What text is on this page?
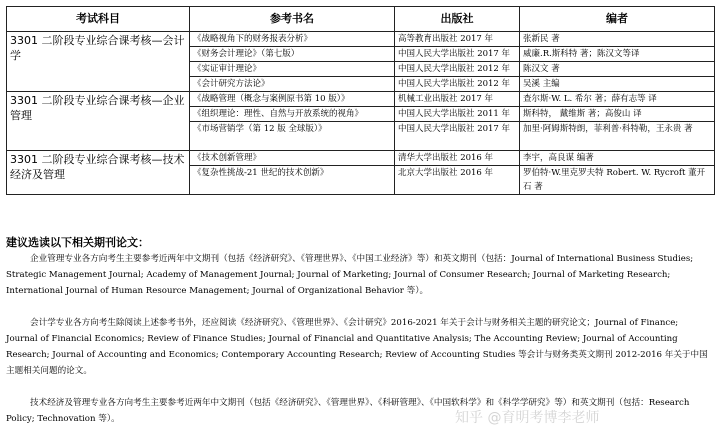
考试科目	参考书名	出版社	编者
3301 二阶段专业综合课考核—会计学	《战略视角下的财务报表分析》	高等教育出版社 2017 年	张新民 著
	《财务会计理论》（第七版）	中国人民大学出版社 2017 年	威廉.R.斯科特 著；陈汉文等译
	《实证审计理论》	中国人民大学出版社 2012 年	陈汉文 著
	《会计研究方法论》	中国人民大学出版社 2012 年	吴溪 主编
3301 二阶段专业综合课考核—企业管理	《战略管理（概念与案例原书第 10 版）》	机械工业出版社 2017 年	查尔斯·W. L. 希尔 著；薛有志等 译
	《组织理论：理性、自然与开放系统的视角》	中国人民大学出版社 2011 年	斯科特， 戴维斯 著；高俊山 译
	《市场营销学（第 12 版 全球版）》	中国人民大学出版社 2017 年	加里·阿姆斯特朗，菲利普·科特勒，王永贵 著
3301 二阶段专业综合课考核—技术经济及管理	《技术创新管理》	清华大学出版社 2016 年	李宇，高良谋 编著
	《复杂性挑战-21 世纪的技术创新》	北京大学出版社 2016 年	罗伯特·W.里克罗夫特 Robert. W. Rycroft 董开石 著
建议选读以下相关期刊论文：

企业管理专业各方向考生主要参考近两年中文期刊（包括《经济研究》、《管理世界》、《中国工业经济》等）和英文期刊（包括：Journal of International Business Studies; Strategic Management Journal; Academy of Management Journal; Journal of Marketing; Journal of Consumer Research; Journal of Marketing Research; International Journal of Human Resource Management; Journal of Organizational Behavior 等）。

会计学专业各方向考生除阅读上述参考书外，还应阅读《经济研究》、《管理世界》、《会计研究》2016-2021 年关于会计与财务相关主题的研究论文；Journal of Finance; Journal of Financial Economics; Review of Finance Studies; Journal of Financial and Quantitative Analysis; The Accounting Review; Journal of Accounting Research; Journal of Accounting and Economics; Contemporary Accounting Research; Review of Accounting Studies 等会计与财务类英文期刊 2012-2016 年关于中国主题相关问题的论文。

技术经济及管理专业各方向考生主要参考近两年中文期刊（包括《经济研究》、《管理世界》、《科研管理》、《中国软科学》和《科学学研究》等）和英文期刊（包括：Research Policy; Technovation 等）。	知乎 @育明考博李老师
